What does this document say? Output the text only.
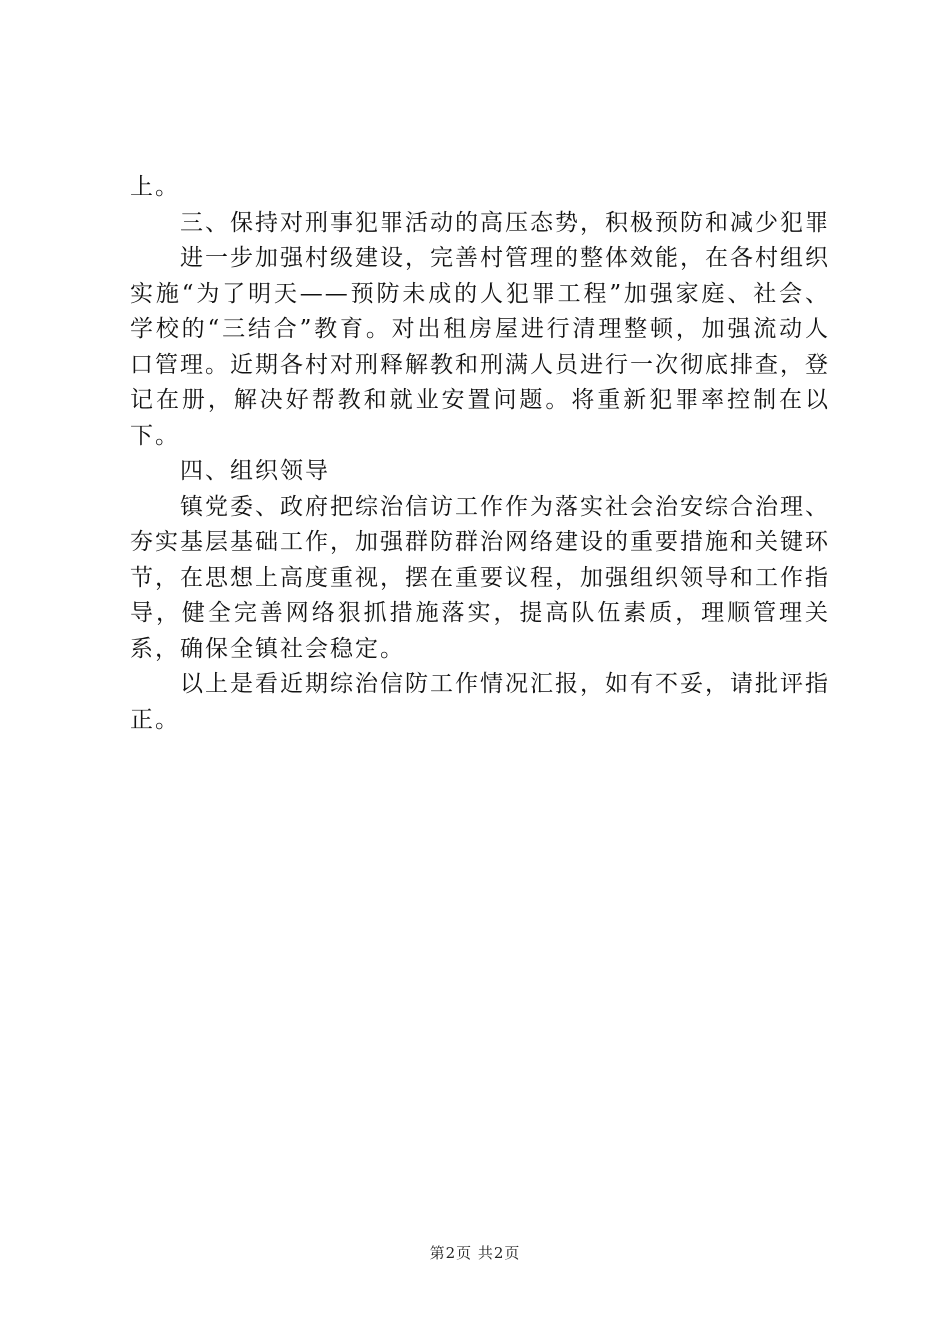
上。

三、保持对刑事犯罪活动的高压态势，积极预防和减少犯罪

进一步加强村级建设，完善村管理的整体效能，在各村组织实施“为了明天——预防未成的人犯罪工程”加强家庭、社会、学校的“三结合”教育。对出租房屋进行清理整顿，加强流动人口管理。近期各村对刑释解教和刑满人员进行一次彻底排查，登记在册，解决好帮教和就业安置问题。将重新犯罪率控制在以下。

四、组织领导

镇党委、政府把综治信访工作作为落实社会治安综合治理、夯实基层基础工作，加强群防群治网络建设的重要措施和关键环节，在思想上高度重视，摆在重要议程，加强组织领导和工作指导，健全完善网络狠抓措施落实，提高队伍素质，理顺管理关系，确保全镇社会稳定。

以上是看近期综治信防工作情况汇报，如有不妥，请批评指正。

第2页 共2页
